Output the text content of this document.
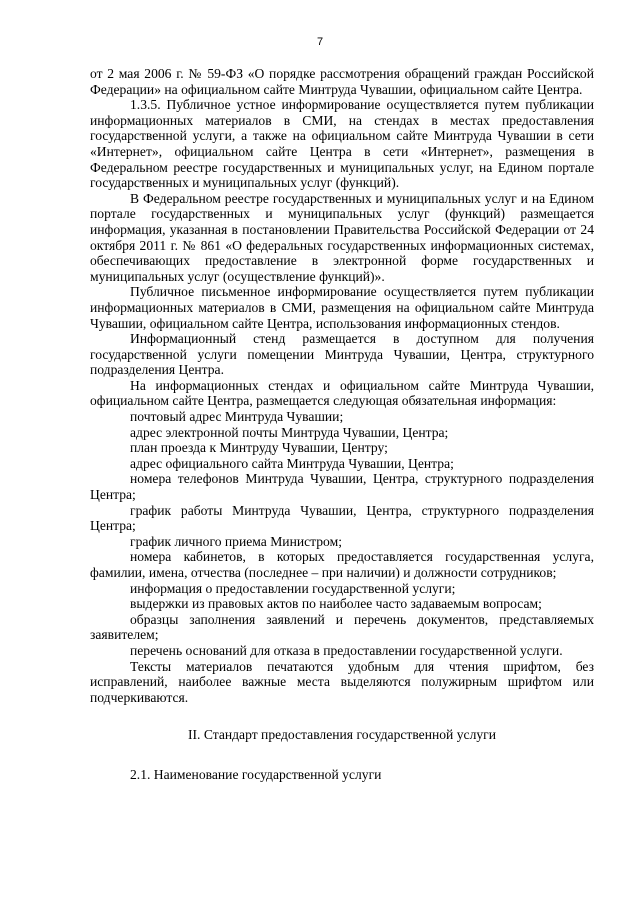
7

от 2 мая 2006 г. № 59-ФЗ «О порядке рассмотрения обращений граждан Российской Федерации» на официальном сайте Минтруда Чувашии, официальном сайте Центра.

1.3.5. Публичное устное информирование осуществляется путем публикации информационных материалов в СМИ, на стендах в местах предоставления государственной услуги, а также на официальном сайте Минтруда Чувашии в сети «Интернет», официальном сайте Центра в сети «Интернет», размещения в Федеральном реестре государственных и муниципальных услуг, на Едином портале государственных и муниципальных услуг (функций).

В Федеральном реестре государственных и муниципальных услуг и на Едином портале государственных и муниципальных услуг (функций) размещается информация, указанная в постановлении Правительства Российской Федерации от 24 октября 2011 г. № 861 «О федеральных государственных информационных системах, обеспечивающих предоставление в электронной форме государственных и муниципальных услуг (осуществление функций)».

Публичное письменное информирование осуществляется путем публикации информационных материалов в СМИ, размещения на официальном сайте Минтруда Чувашии, официальном сайте Центра, использования информационных стендов.

Информационный стенд размещается в доступном для получения государственной услуги помещении Минтруда Чувашии, Центра, структурного подразделения Центра.

На информационных стендах и официальном сайте Минтруда Чувашии, официальном сайте Центра, размещается следующая обязательная информация:

почтовый адрес Минтруда Чувашии;

адрес электронной почты Минтруда Чувашии, Центра;

план проезда к Минтруду Чувашии, Центру;

адрес официального сайта Минтруда Чувашии, Центра;

номера телефонов Минтруда Чувашии, Центра, структурного подразделения Центра;

график работы Минтруда Чувашии, Центра, структурного подразделения Центра;

график личного приема Министром;

номера кабинетов, в которых предоставляется государственная услуга, фамилии, имена, отчества (последнее – при наличии) и должности сотрудников;

информация о предоставлении государственной услуги;

выдержки из правовых актов по наиболее часто задаваемым вопросам;

образцы заполнения заявлений и перечень документов, представляемых заявителем;

перечень оснований для отказа в предоставлении государственной услуги.

Тексты материалов печатаются удобным для чтения шрифтом, без исправлений, наиболее важные места выделяются полужирным шрифтом или подчеркиваются.

II. Стандарт предоставления государственной услуги

2.1. Наименование государственной услуги
